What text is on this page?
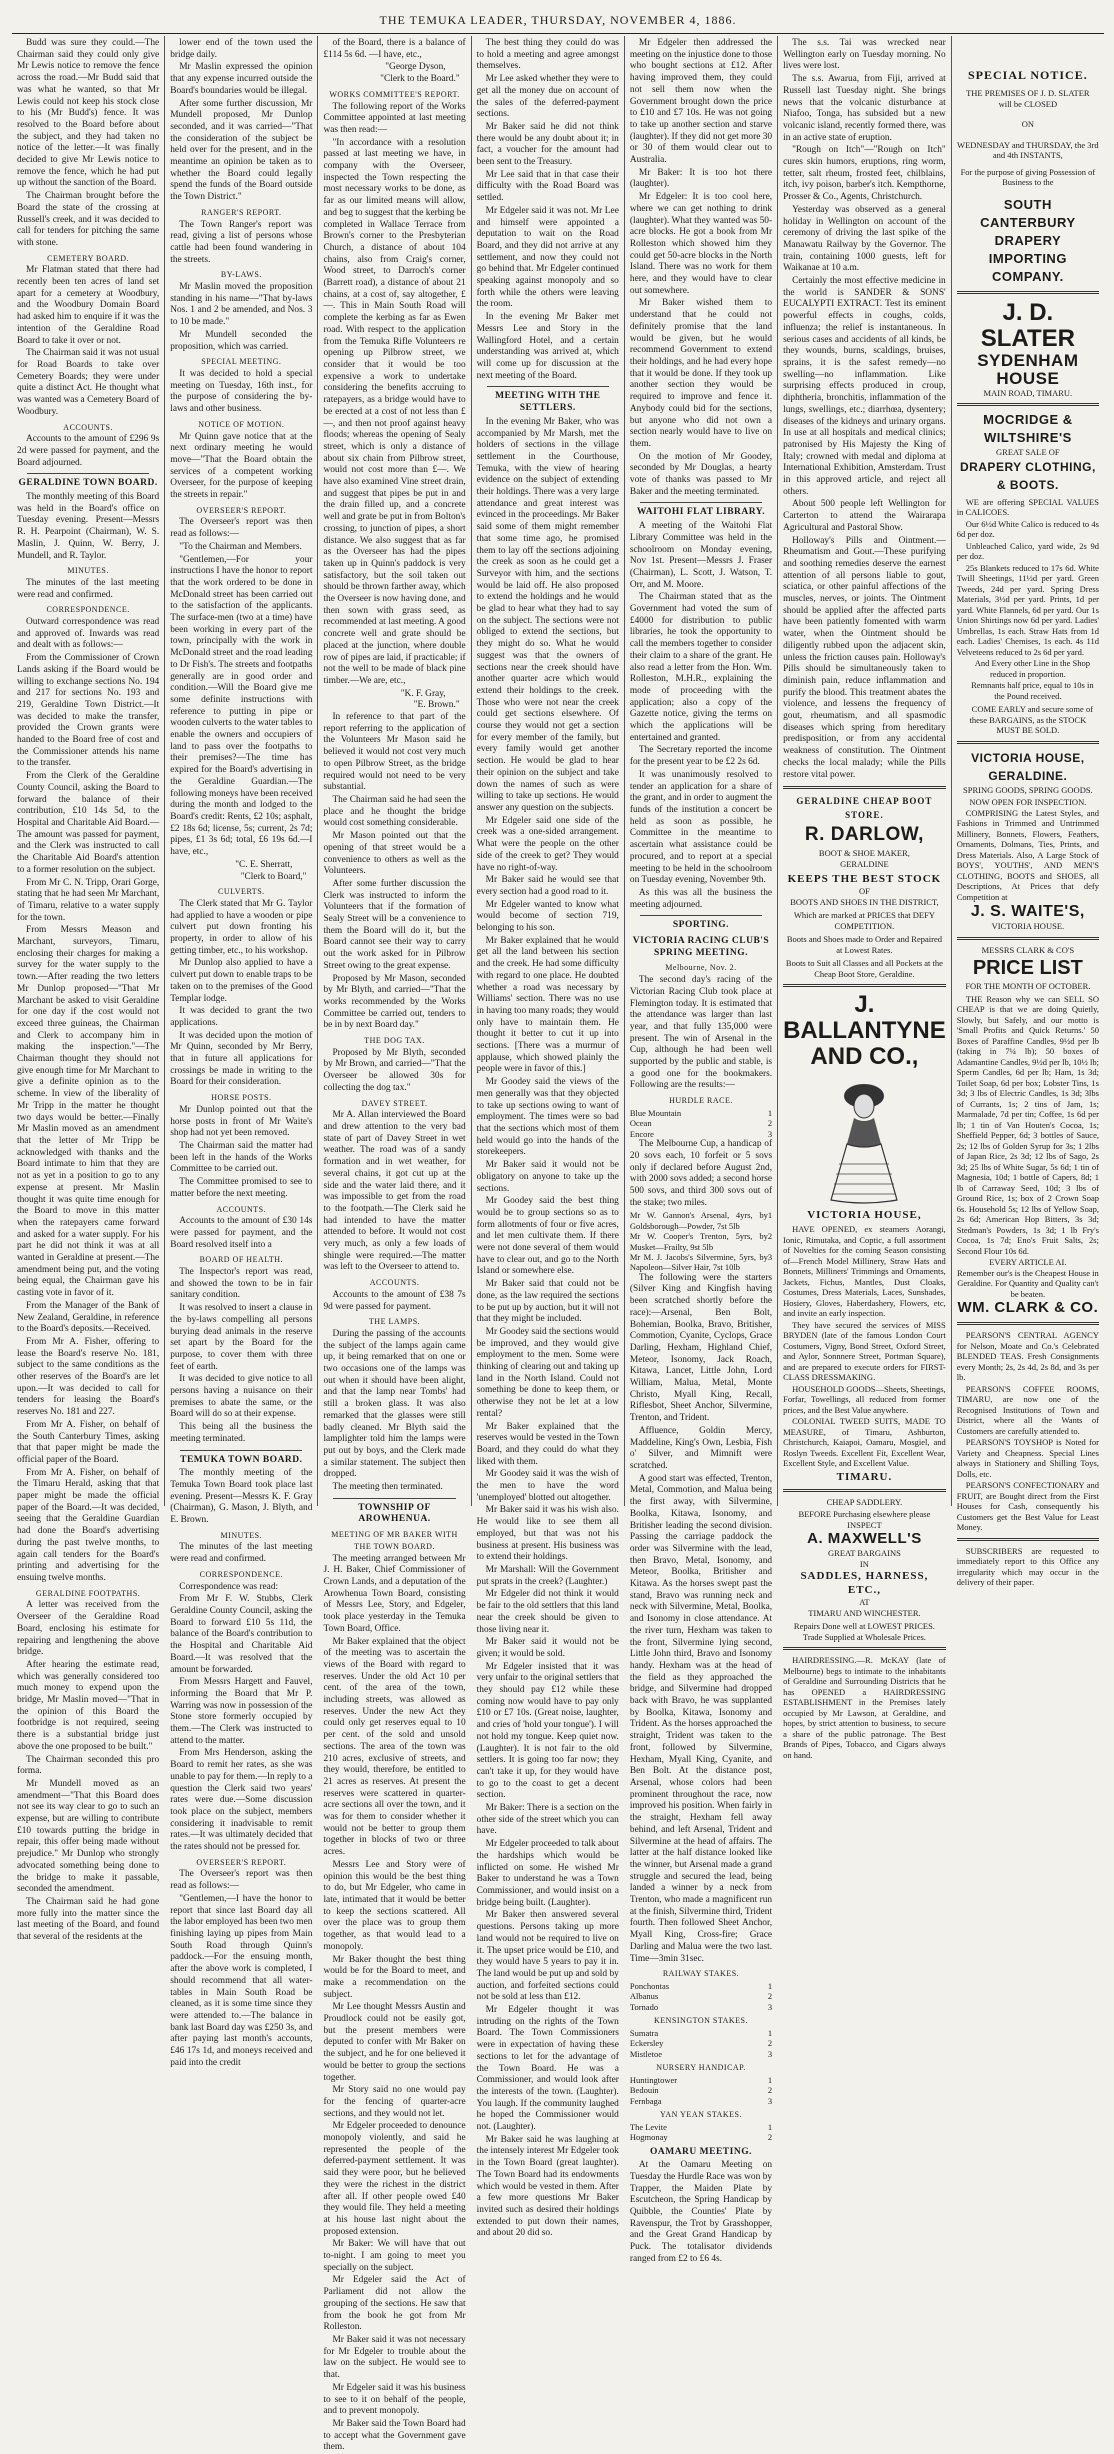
THE TEMUKA LEADER, THURSDAY, NOVEMBER 4, 1886.

Budd was sure they could.—The Chairman said they could only give Mr Lewis notice to remove the fence across the road.—Mr Budd said that was what he wanted, so that Mr Lewis could not keep his stock close to his (Mr Budd's) fence. It was resolved to the Board before about the subject, and they had taken no notice of the letter.—It was finally decided to give Mr Lewis notice to remove the fence, which he had put up without the sanction of the Board.

The Chairman brought before the Board the state of the crossing at Russell's creek, and it was decided to call for tenders for pitching the same with stone.

CEMETERY BOARD.

Mr Flatman stated that there had recently been ten acres of land set apart for a cemetery at Woodbury, and the Woodbury Domain Board had asked him to enquire if it was the intention of the Geraldine Road Board to take it over or not.

The Chairman said it was not usual for Road Boards to take over Cemetery Boards; they were under quite a distinct Act. He thought what was wanted was a Cemetery Board of Woodbury.

ACCOUNTS.

Accounts to the amount of £296 9s 2d were passed for payment, and the Board adjourned.

GERALDINE TOWN BOARD.

The monthly meeting of this Board was held in the Board's office on Tuesday evening. Present—Messrs R. H. Pearpoint (Chairman), W. S. Maslin, J. Quinn, W. Berry, J. Mundell, and R. Taylor.

MINUTES.

The minutes of the last meeting were read and confirmed.

CORRESPONDENCE.

Outward correspondence was read and approved of. Inwards was read and dealt with as follows:—

From the Commissioner of Crown Lands asking if the Board would be willing to exchange sections No. 194 and 217 for sections No. 193 and 219, Geraldine Town District.—It was decided to make the transfer, provided the Crown grants were handed to the Board free of cost and the Commissioner attends his name to the transfer.

From the Clerk of the Geraldine County Council, asking the Board to forward the balance of their contribution, £10 14s 5d, to the Hospital and Charitable Aid Board.—The amount was passed for payment, and the Clerk was instructed to call the Charitable Aid Board's attention to a former resolution on the subject.

From Mr C. N. Tripp, Orari Gorge, stating that he had seen Mr Marchant, of Timaru, relative to a water supply for the town.

From Messrs Meason and Marchant, surveyors, Timaru, enclosing their charges for making a survey for the water supply to the town.—After reading the two letters Mr Dunlop proposed—"That Mr Marchant be asked to visit Geraldine for one day if the cost would not exceed three guineas, the Chairman and Clerk to accompany him in making the inspection."—The Chairman thought they should not give enough time for Mr Marchant to give a definite opinion as to the scheme. In view of the liberality of Mr Tripp in the matter he thought two days would be better.—Finally Mr Maslin moved as an amendment that the letter of Mr Tripp be acknowledged with thanks and the Board intimate to him that they are not as yet in a position to go to any expense at present. Mr Maslin thought it was quite time enough for the Board to move in this matter when the ratepayers came forward and asked for a water supply. For his part he did not think it was at all wanted in Geraldine at present.—The amendment being put, and the voting being equal, the Chairman gave his casting vote in favor of it.

From the Manager of the Bank of New Zealand, Geraldine, in reference to the Board's deposits.—Received.

From Mr A. Fisher, offering to lease the Board's reserve No. 181, subject to the same conditions as the other reserves of the Board's are let upon.—It was decided to call for tenders for leasing the Board's reserves No. 181 and 227.

From Mr A. Fisher, on behalf of the South Canterbury Times, asking that that paper might be made the official paper of the Board.

From Mr A. Fisher, on behalf of the Timaru Herald, asking that that paper might be made the official paper of the Board.—It was decided, seeing that the Geraldine Guardian had done the Board's advertising during the past twelve months, to again call tenders for the Board's printing and advertising for the ensuing twelve months.

GERALDINE FOOTPATHS.

A letter was received from the Overseer of the Geraldine Road Board, enclosing his estimate for repairing and lengthening the above bridge.

After hearing the estimate read, which was generally considered too much money to expend upon the bridge, Mr Maslin moved—"That in the opinion of this Board the footbridge is not required, seeing there is a substantial bridge just above the one proposed to be built."

The Chairman seconded this pro forma.

Mr Mundell moved as an amendment—"That this Board does not see its way clear to go to such an expense, but are willing to contribute £10 towards putting the bridge in repair, this offer being made without prejudice." Mr Dunlop who strongly advocated something being done to the bridge to make it passable, seconded the amendment.

The Chairman said he had gone more fully into the matter since the last meeting of the Board, and found that several of the residents at the

lower end of the town used the bridge daily.

Mr Maslin expressed the opinion that any expense incurred outside the Board's boundaries would be illegal.

After some further discussion, Mr Mundell proposed, Mr Dunlop seconded, and it was carried—"That the consideration of the subject be held over for the present, and in the meantime an opinion be taken as to whether the Board could legally spend the funds of the Board outside the Town District."

RANGER'S REPORT.

The Town Ranger's report was read, giving a list of persons whose cattle had been found wandering in the streets.

BY-LAWS.

Mr Maslin moved the proposition standing in his name—"That by-laws Nos. 1 and 2 be amended, and Nos. 3 to 10 be made."

Mr Mundell seconded the proposition, which was carried.

SPECIAL MEETING.

It was decided to hold a special meeting on Tuesday, 16th inst., for the purpose of considering the by-laws and other business.

NOTICE OF MOTION.

Mr Quinn gave notice that at the next ordinary meeting he would move—"That the Board obtain the services of a competent working Overseer, for the purpose of keeping the streets in repair."

OVERSEER'S REPORT.

The Overseer's report was then read as follows:—

"To the Chairman and Members.

"Gentlemen,—For your instructions I have the honor to report that the work ordered to be done in McDonald street has been carried out to the satisfaction of the applicants. The surface-men (two at a time) have been working in every part of the town, principally with the work in McDonald street and the road leading to Dr Fish's. The streets and footpaths generally are in good order and condition.—Will the Board give me some definite instructions with reference to putting in pipe or wooden culverts to the water tables to enable the owners and occupiers of land to pass over the footpaths to their premises?—The time has expired for the Board's advertising in the Geraldine Guardian.—The following moneys have been received during the month and lodged to the Board's credit: Rents, £2 10s; asphalt, £2 18s 6d; license, 5s; current, 2s 7d; pipes, £1 3s 6d; total, £6 19s 6d.—I have, etc.,

"C. E. Sherratt,
"Clerk to Board,"
CULVERTS.

The Clerk stated that Mr G. Taylor had applied to have a wooden or pipe culvert put down fronting his property, in order to allow of his getting timber, etc., to his workshop.

Mr Dunlop also applied to have a culvert put down to enable traps to be taken on to the premises of the Good Templar lodge.

It was decided to grant the two applications.

It was decided upon the motion of Mr Quinn, seconded by Mr Berry, that in future all applications for crossings be made in writing to the Board for their consideration.

HORSE POSTS.

Mr Dunlop pointed out that the horse posts in front of Mr Waite's shop had not yet been removed.

The Chairman said the matter had been left in the hands of the Works Committee to be carried out.

The Committee promised to see to matter before the next meeting.

ACCOUNTS.

Accounts to the amount of £30 14s were passed for payment, and the Board resolved itself into a

BOARD OF HEALTH.

The Inspector's report was read, and showed the town to be in fair sanitary condition.

It was resolved to insert a clause in the by-laws compelling all persons burying dead animals in the reserve set apart by the Board for the purpose, to cover them with three feet of earth.

It was decided to give notice to all persons having a nuisance on their premises to abate the same, or the Board will do so at their expense.

This being all the business the meeting terminated.

TEMUKA TOWN BOARD.

The monthly meeting of the Temuka Town Board took place last evening. Present—Messrs K. F. Gray (Chairman), G. Mason, J. Blyth, and E. Brown.

MINUTES.

The minutes of the last meeting were read and confirmed.

CORRESPONDENCE.

Correspondence was read:

From Mr F. W. Stubbs, Clerk Geraldine County Council, asking the Board to forward £10 5s 11d, the balance of the Board's contribution to the Hospital and Charitable Aid Board.—It was resolved that the amount be forwarded.

From Messrs Hargett and Fauvel, informing the Board that Mr P. Warring was now in possession of the Stone store formerly occupied by them.—The Clerk was instructed to attend to the matter.

From Mrs Henderson, asking the Board to remit her rates, as she was unable to pay for them.—In reply to a question the Clerk said two years' rates were due.—Some discussion took place on the subject, members considering it inadvisable to remit rates.—It was ultimately decided that the rates should not be pressed for.

OVERSEER'S REPORT.

The Overseer's report was then read as follows:—

"Gentlemen,—I have the honor to report that since last Board day all the labor employed has been two men finishing laying up pipes from Main South Road through Quinn's paddock.—For the ensuing month, after the above work is completed, I should recommend that all water-tables in Main South Road be cleaned, as it is some time since they were attended to.—The balance in bank last Board day was £250 3s, and after paying last month's accounts, £46 17s 1d, and moneys received and paid into the credit

of the Board, there is a balance of £114 5s 6d. —I have, etc.,

"George Dyson,
"Clerk to the Board."
WORKS COMMITTEE'S REPORT.

The following report of the Works Committee appointed at last meeting was then read:—

"In accordance with a resolution passed at last meeting we have, in company with the Overseer, inspected the Town respecting the most necessary works to be done, as far as our limited means will allow, and beg to suggest that the kerbing be completed in Wallace Terrace from Brown's corner to the Presbyterian Church, a distance of about 104 chains, also from Craig's corner, Wood street, to Darroch's corner (Barrett road), a distance of about 21 chains, at a cost of, say altogether, £—. This in Main South Road will complete the kerbing as far as Ewen road. With respect to the application from the Temuka Rifle Volunteers re opening up Pilbrow street, we consider that it would be too expensive a work to undertake considering the benefits accruing to ratepayers, as a bridge would have to be erected at a cost of not less than £—, and then not proof against heavy floods; whereas the opening of Sealy street, which is only a distance of about six chain from Pilbrow street, would not cost more than £—. We have also examined Vine street drain, and suggest that pipes be put in and the drain filled up, and a concrete well and grate be put in from Bolton's crossing, to junction of pipes, a short distance. We also suggest that as far as the Overseer has had the pipes taken up in Quinn's paddock is very satisfactory, but the soil taken out should be thrown farther away, which the Overseer is now having done, and then sown with grass seed, as recommended at last meeting. A good concrete well and grate should be placed at the junction, where double row of pipes are laid, if practicable; if not the well to be made of black pine timber.—We are, etc.,

"K. F. Gray,
"E. Brown."

In reference to that part of the report referring to the application of the Volunteers Mr Mason said he believed it would not cost very much to open Pilbrow Street, as the bridge required would not need to be very substantial.

The Chairman said he had seen the place and he thought the bridge would cost something considerable.

Mr Mason pointed out that the opening of that street would be a convenience to others as well as the Volunteers.

After some further discussion the Clerk was instructed to inform the Volunteers that if the formation of Sealy Street will be a convenience to them the Board will do it, but the Board cannot see their way to carry out the work asked for in Pilbrow Street owing to the great expense.

Proposed by Mr Mason, seconded by Mr Blyth, and carried—"That the works recommended by the Works Committee be carried out, tenders to be in by next Board day."

THE DOG TAX.

Proposed by Mr Blyth, seconded by Mr Brown, and carried—"That the Overseer be allowed 30s for collecting the dog tax."

DAVEY STREET.

Mr A. Allan interviewed the Board and drew attention to the very bad state of part of Davey Street in wet weather. The road was of a sandy formation and in wet weather, for several chains, it got cut up at the side and the water laid there, and it was impossible to get from the road to the footpath.—The Clerk said he had intended to have the matter attended to before. It would not cost very much, as only a few loads of shingle were required.—The matter was left to the Overseer to attend to.

ACCOUNTS.

Accounts to the amount of £38 7s 9d were passed for payment.

THE LAMPS.

During the passing of the accounts the subject of the lamps again came up, it being remarked that on one or two occasions one of the lamps was out when it should have been alight, and that the lamp near Tombs' had still a broken glass. It was also remarked that the glasses were still badly cleaned. Mr Blyth said the lamplighter told him the lamps were put out by boys, and the Clerk made a similar statement. The subject then dropped.

The meeting then terminated.

TOWNSHIP OF AROWHENUA.
MEETING OF MR BAKER WITH THE TOWN BOARD.

The meeting arranged between Mr J. H. Baker, Chief Commissioner of Crown Lands, and a deputation of the Arowhenua Town Board, consisting of Messrs Lee, Story, and Edgeler, took place yesterday in the Temuka Town Board, Office.

Mr Baker explained that the object of the meeting was to ascertain the views of the Board with regard to reserves. Under the old Act 10 per cent. of the area of the town, including streets, was allowed as reserves. Under the new Act they could only get reserves equal to 10 per cent. of the sold and unsold sections. The area of the town was 210 acres, exclusive of streets, and they would, therefore, be entitled to 21 acres as reserves. At present the reserves were scattered in quarter-acre sections all over the town, and it was for them to consider whether it would not be better to group them together in blocks of two or three acres.

Messrs Lee and Story were of opinion this would be the best thing to do, but Mr Edgeler, who came in late, intimated that it would be better to keep the sections scattered. All over the place was to group them together, as that would lead to a monopoly.

Mr Baker thought the best thing would be for the Board to meet, and make a recommendation on the subject.

Mr Lee thought Messrs Austin and Proudlock could not be easily got, but the present members were deputed to confer with Mr Baker on the subject, and he for one believed it would be better to group the sections together.

Mr Story said no one would pay for the fencing of quarter-acre sections, and they would not let.

Mr Edgeler proceeded to denounce monopoly violently, and said he represented the people of the deferred-payment settlement. It was said they were poor, but he believed they were the richest in the district after all. If other people owed £40 they would file. They held a meeting at his house last night about the proposed extension.

Mr Baker: We will have that out to-night. I am going to meet you specially on the subject.

Mr Edgeler said the Act of Parliament did not allow the grouping of the sections. He saw that from the book he got from Mr Rolleston.

Mr Baker said it was not necessary for Mr Edgeler to trouble about the law on the subject. He would see to that.

Mr Edgeler said it was his business to see to it on behalf of the people, and to prevent monopoly.

Mr Baker said the Town Board had to accept what the Government gave them.

The best thing they could do was to hold a meeting and agree amongst themselves.

Mr Lee asked whether they were to get all the money due on account of the sales of the deferred-payment sections.

Mr Baker said he did not think there would be any doubt about it; in fact, a voucher for the amount had been sent to the Treasury.

Mr Lee said that in that case their difficulty with the Road Board was settled.

Mr Edgeler said it was not. Mr Lee and himself were appointed a deputation to wait on the Road Board, and they did not arrive at any settlement, and now they could not go behind that. Mr Edgeler continued speaking against monopoly and so forth while the others were leaving the room.

In the evening Mr Baker met Messrs Lee and Story in the Wallingford Hotel, and a certain understanding was arrived at, which will come up for discussion at the next meeting of the Board.

MEETING WITH THE SETTLERS.

In the evening Mr Baker, who was accompanied by Mr Marsh, met the holders of sections in the village settlement in the Courthouse, Temuka, with the view of hearing evidence on the subject of extending their holdings. There was a very large attendance and great interest was evinced in the proceedings. Mr Baker said some of them might remember that some time ago, he promised them to lay off the sections adjoining the creek as soon as he could get a Surveyor with him, and the sections would be laid off. He also proposed to extend the holdings and he would be glad to hear what they had to say on the subject. The sections were not obliged to extend the sections, but they might do so. What he would suggest was that the owners of sections near the creek should have another quarter acre which would extend their holdings to the creek. Those who were not near the creek could get sections elsewhere. Of course they would not get a section for every member of the family, but every family would get another section. He would be glad to hear their opinion on the subject and take down the names of such as were willing to take up sections. He would answer any question on the subjects.

Mr Edgeler said one side of the creek was a one-sided arrangement. What were the people on the other side of the creek to get? They would have no right-of-way.

Mr Baker said he would see that every section had a good road to it.

Mr Edgeler wanted to know what would become of section 719, belonging to his son.

Mr Baker explained that he would get all the land between his section and the creek. He had some difficulty with regard to one place. He doubted whether a road was necessary by Williams' section. There was no use in having too many roads; they would only have to maintain them. He thought it better to cut it up into sections. [There was a murmur of applause, which showed plainly the people were in favor of this.]

Mr Goodey said the views of the men generally was that they objected to take up sections owing to want of employment. The times were so bad that the sections which most of them held would go into the hands of the storekeepers.

Mr Baker said it would not be obligatory on anyone to take up the sections.

Mr Goodey said the best thing would be to group sections so as to form allotments of four or five acres, and let men cultivate them. If there were not done several of them would have to clear out, and go to the North Island or somewhere else.

Mr Baker said that could not be done, as the law required the sections to be put up by auction, but it will not that they might be included.

Mr Goodey said the sections would be improved, and they would give employment to the men. Some were thinking of clearing out and taking up land in the North Island. Could not something be done to keep them, or otherwise they not be let at a low rental?

Mr Baker explained that the reserves would be vested in the Town Board, and they could do what they liked with them.

Mr Goodey said it was the wish of the men to have the word 'unemployed' blotted out altogether.

Mr Baker said it was his wish also. He would like to see them all employed, but that was not his business at present. His business was to extend their holdings.

Mr Marshall: Will the Government put sprats in the creek? (Laughter.)

Mr Edgeler did not think it would be fair to the old settlers that this land near the creek should be given to those living near it.

Mr Baker said it would not be given; it would be sold.

Mr Edgeler insisted that it was very unfair to the original settlers that they should pay £12 while these coming now would have to pay only £10 or £7 10s. (Great noise, laughter, and cries of 'hold your tongue'). I will not hold my tongue. Keep quiet now. (Laughter). It is not fair to the old settlers. It is going too far now; they can't take it up, for they would have to go to the coast to get a decent section.

Mr Baker: There is a section on the other side of the street which you can have.

Mr Edgeler proceeded to talk about the hardships which would be inflicted on some. He wished Mr Baker to understand he was a Town Commissioner, and would insist on a bridge being built. (Laughter).

Mr Baker then answered several questions. Persons taking up more land would not be required to live on it. The upset price would be £10, and they would have 5 years to pay it in. The land would be put up and sold by auction, and forfeited sections could not be sold at less than £12.

Mr Edgeler thought it was intruding on the rights of the Town Board. The Town Commissioners were in expectation of having these sections to let for the advantage of the Town Board. He was a Commissioner, and would look after the interests of the town. (Laughter). You laugh. If the community laughed he hoped the Commissioner would not. (Laughter).

Mr Baker said he was laughing at the intensely interest Mr Edgeler took in the Town Board (great laughter). The Town Board had its endowments which would be vested in them. After a few more questions Mr Baker invited such as desired their holdings extended to put down their names, and about 20 did so.

Mr Edgeler then addressed the meeting on the injustice done to those who bought sections at £12. After having improved them, they could not sell them now when the Government brought down the price to £10 and £7 10s. He was not going to take up another section and starve (laughter). If they did not get more 30 or 30 of them would clear out to Australia.

Mr Baker: It is too hot there (laughter).

Mr Edgeler: It is too cool here, where we can get nothing to drink (laughter). What they wanted was 50-acre blocks. He got a book from Mr Rolleston which showed him they could get 50-acre blocks in the North Island. There was no work for them here, and they would have to clear out somewhere.

Mr Baker wished them to understand that he could not definitely promise that the land would be given, but he would recommend Government to extend their holdings, and he had every hope that it would be done. If they took up another section they would be required to improve and fence it. Anybody could bid for the sections, but anyone who did not own a section nearly would have to live on them.

On the motion of Mr Goodey, seconded by Mr Douglas, a hearty vote of thanks was passed to Mr Baker and the meeting terminated.

WAITOHI FLAT LIBRARY.

A meeting of the Waitohi Flat Library Committee was held in the schoolroom on Monday evening, Nov 1st. Present—Messrs J. Fraser (Chairman), L. Scott, J. Watson, T. Orr, and M. Moore.

The Chairman stated that as the Government had voted the sum of £4000 for distribution to public libraries, he took the opportunity to call the members together to consider their claim to a share of the grant. He also read a letter from the Hon. Wm. Rolleston, M.H.R., explaining the mode of proceeding with the application; also a copy of the Gazette notice, giving the terms on which the applications will be entertained and granted.

The Secretary reported the income for the present year to be £2 2s 6d.

It was unanimously resolved to tender an application for a share of the grant, and in order to augment the funds of the institution a concert be held as soon as possible, he Committee in the meantime to ascertain what assistance could be procured, and to report at a special meeting to be held in the schoolroom on Tuesday evening, November 9th.

As this was all the business the meeting adjourned.

SPORTING.
VICTORIA RACING CLUB'S SPRING MEETING.
Melbourne, Nov. 2.

The second day's racing of the Victorian Racing Club took place at Flemington today. It is estimated that the attendance was larger than last year, and that fully 135,000 were present. The win of Arsenal in the Cup, although he had been well supported by the public and stable, is a good one for the bookmakers. Following are the results:—

HURDLE RACE.
Blue Mountain	1
Ocean	2
Encore	3

The Melbourne Cup, a handicap of 20 sovs each, 10 forfeit or 5 sovs only if declared before August 2nd, with 2000 sovs added; a second horse 500 sovs, and third 300 sovs out of the stake; two miles.

Mr W. Gannon's Arsenal, 4yrs, by Goldsborough—Powder, 7st 5lb
1
Mr W. Cooper's Trenton, 5yrs, by Musket—Frailty, 9st 5lb
2
Mr M. J. Jacobs's Silvermine, 5yrs, by Napoleon—Silver Hair, 7st 10lb
3

The following were the starters (Silver King and Kingfish having been scratched shortly before the race):—Arsenal, Ben Bolt, Bohemian, Boolka, Bravo, Britisher, Commotion, Cyanite, Cyclops, Grace Darling, Hexham, Highland Chief, Meteor, Isonomy, Jack Roach, Kitawa, Lancet, Little John, Lord William, Malua, Metal, Monte Christo, Myall King, Recall, Riflesbot, Sheet Anchor, Silvermine, Trenton, and Trident.

Affluence, Goldin Mercy, Maddeline, King's Own, Lesbia, Fish o' Silver, and Mimnift were scratched.

A good start was effected, Trenton, Metal, Commotion, and Malua being the first away, with Silvermine, Boolka, Kitawa, Isonomy, and Britisher leading the second division. Passing the carriage paddock the order was Silvermine with the lead, then Bravo, Metal, Isonomy, and Meteor, Boolka, Britisher and Kitawa. As the horses swept past the stand, Bravo was running neck and neck with Silvermine, Metal, Boolka, and Isonomy in close attendance. At the river turn, Hexham was taken to the front, Silvermine lying second, Little John third, Bravo and Isonomy handy. Hexham was at the head of the field as they approached the bridge, and Silvermine had dropped back with Bravo, he was supplanted by Boolka, Kitawa, Isonomy and Trident. As the horses approached the straight, Trident was taken to the front, followed by Silvermine, Hexham, Myall King, Cyanite, and Ben Bolt. At the distance post, Arsenal, whose colors had been prominent throughout the race, now improved his position. When fairly in the straight, Hexham fell away behind, and left Arsenal, Trident and Silvermine at the head of affairs. The latter at the half distance looked like the winner, but Arsenal made a grand struggle and secured the lead, being landed a winner by a neck from Trenton, who made a magnificent run at the finish, Silvermine third, Trident fourth. Then followed Sheet Anchor, Myall King, Cross-fire; Grace Darling and Malua were the two last. Time—3min 31sec.

RAILWAY STAKES.
Ponchontas	1
Albanus	2
Tornado	3
KENSINGTON STAKES.
Sumatra	1
Eckersley	2
Mistletoe	3
NURSERY HANDICAP.
Huntingtower	1
Bedouin	2
Fernbaga	3
YAN YEAN STAKES.
The Levite	1
Hogmonay	2
OAMARU MEETING.

At the Oamaru Meeting on Tuesday the Hurdle Race was won by Trapper, the Maiden Plate by Escutcheon, the Spring Handicap by Quibble, the Counties' Plate by Ravenspur, the Trot by Grasshopper, and the Great Grand Handicap by Puck. The totalisator dividends ranged from £2 to £6 4s.

The s.s. Tai was wrecked near Wellington early on Tuesday morning. No lives were lost.

The s.s. Awarua, from Fiji, arrived at Russell last Tuesday night. She brings news that the volcanic disturbance at Niafoo, Tonga, has subsided but a new volcanic island, recently formed there, was in an active state of eruption.

"Rough on Itch"—"Rough on Itch" cures skin humors, eruptions, ring worm, tetter, salt rheum, frosted feet, chilblains, itch, ivy poison, barber's itch. Kempthorne, Prosser & Co., Agents, Christchurch.

Yesterday was observed as a general holiday in Wellington on account of the ceremony of driving the last spike of the Manawatu Railway by the Governor. The train, containing 1000 guests, left for Waikanae at 10 a.m.

Certainly the most effective medicine in the world is SANDER & SONS' EUCALYPTI EXTRACT. Test its eminent powerful effects in coughs, colds, influenza; the relief is instantaneous. In serious cases and accidents of all kinds, be they wounds, burns, scaldings, bruises, sprains, it is the safest remedy—no swelling—no inflammation. Like surprising effects produced in croup, diphtheria, bronchitis, inflammation of the lungs, swellings, etc.; diarrhœa, dysentery; diseases of the kidneys and urinary organs. In use at all hospitals and medical clinics; patronised by His Majesty the King of Italy; crowned with medal and diploma at International Exhibition, Amsterdam. Trust in this approved article, and reject all others.

About 500 people left Wellington for Carterton to attend the Wairarapa Agricultural and Pastoral Show.

Holloway's Pills and Ointment.—Rheumatism and Gout.—These purifying and soothing remedies deserve the earnest attention of all persons liable to gout, sciatica, or other painful affections of the muscles, nerves, or joints. The Ointment should be applied after the affected parts have been patiently fomented with warm water, when the Ointment should be diligently rubbed upon the adjacent skin, unless the friction causes pain. Holloway's Pills should be simultaneously taken to diminish pain, reduce inflammation and purify the blood. This treatment abates the violence, and lessens the frequency of gout, rheumatism, and all spasmodic diseases which spring from hereditary predisposition, or from any accidental weakness of constitution. The Ointment checks the local malady; while the Pills restore vital power.

GERALDINE CHEAP BOOT STORE.
R. DARLOW,
BOOT & SHOE MAKER,
GERALDINE
KEEPS THE BEST STOCK
OF
BOOTS AND SHOES IN THE DISTRICT,
Which are marked at PRICES that DEFY COMPETITION.
Boots and Shoes made to Order and Repaired at Lowest Rates.
Boots to Suit all Classes and all Pockets at the Cheap Boot Store, Geraldine.
J. BALLANTYNE AND CO.,
VICTORIA HOUSE,

HAVE OPENED, ex steamers Aorangi, Ionic, Rimutaka, and Coptic, a full assortment of Novelties for the coming Season consisting of—French Model Millinery, Straw Hats and Bonnets, Milliners' Trimmings and Ornaments, Jackets, Fichus, Mantles, Dust Cloaks, Costumes, Dress Materials, Laces, Sunshades, Hosiery, Gloves, Haberdashery, Flowers, etc, and invite an early inspection.

They have secured the services of MISS BRYDEN (late of the famous London Court Costumers, Vigny, Bond Street, Oxford Street, and Aylor, Sonnnere Street, Portman Square), and are prepared to execute orders for FIRST-CLASS DRESSMAKING.

HOUSEHOLD GOODS—Sheets, Sheetings, Forfar, Towellings, all reduced from former prices, and the Best Value anywhere.

COLONIAL TWEED SUITS, MADE TO MEASURE, of Timaru, Ashburton, Christchurch, Kaiapoi, Oamaru, Mosgiel, and Roslyn Tweeds. Excellent Fit, Excellent Wear, Excellent Style, and Excellent Value.

TIMARU.
CHEAP SADDLERY.
BEFORE Purchasing elsewhere please INSPECT
A. MAXWELL'S
GREAT BARGAINS
IN
SADDLES, HARNESS, ETC.,
AT
TIMARU AND WINCHESTER.
Repairs Done well at LOWEST PRICES.
Trade Supplied at Wholesale Prices.

HAIRDRESSING.—R. McKAY (late of Melbourne) begs to intimate to the inhabitants of Geraldine and Surrounding Districts that he has OPENED a HAIRDRESSING ESTABLISHMENT in the Premises lately occupied by Mr Lawson, at Geraldine, and hopes, by strict attention to business, to secure a share of the public patronage. The Best Brands of Pipes, Tobacco, and Cigars always on hand.

SPECIAL NOTICE.
THE PREMISES OF J. D. SLATER
will be CLOSED
ON
WEDNESDAY and THURSDAY, the 3rd and 4th INSTANTS,
For the purpose of giving Possession of Business to the
SOUTH CANTERBURY DRAPERY IMPORTING COMPANY.
J. D. SLATER
SYDENHAM HOUSE
MAIN ROAD, TIMARU.
MOCRIDGE & WILTSHIRE'S
GREAT SALE OF
DRAPERY CLOTHING, & BOOTS.

WE are offering SPECIAL VALUES in CALICOES.

Our 6½d White Calico is reduced to 4s 6d per doz.

Unbleached Calico, yard wide, 2s 9d per doz.

25s Blankets reduced to 17s 6d. White Twill Sheetings, 11½d per yard. Green Tweeds, 24d per yard. Spring Dress Materials, 3½d per yard. Prints, 1d per yard. White Flannels, 6d per yard. Our 1s Union Shirtings now 6d per yard. Ladies' Umbrellas, 1s each. Straw Hats from 1d each. Ladies' Chemises, 1s each. 4s 11d Velveteens reduced to 2s 6d per yard.

And Every other Line in the Shop reduced in proportion.

Remnants half price, equal to 10s in the Pound received.

COME EARLY and secure some of these BARGAINS, as the STOCK MUST BE SOLD.

VICTORIA HOUSE, GERALDINE.
SPRING GOODS, SPRING GOODS.
NOW OPEN FOR INSPECTION.

COMPRISING the Latest Styles, and Fashions in Trimmed and Untrimmed Millinery, Bonnets, Flowers, Feathers, Ornaments, Dolmans, Ties, Prints, and Dress Materials. Also, A Large Stock of BOYS', YOUTHS', AND MEN'S CLOTHING, BOOTS and SHOES, all Descriptions, At Prices that defy Competition at

J. S. WAITE'S,
VICTORIA HOUSE.
MESSRS CLARK & CO'S
PRICE LIST
FOR THE MONTH OF OCTOBER.

THE Reason why we can SELL SO CHEAP is that we are doing Quietly, Slowly, but Safely, and our motto is 'Small Profits and Quick Returns.' 50 Boxes of Paraffine Candles, 9½d per lb (taking in 7¼ lb); 50 boxes of Adamantine Candles, 9½d per lb, 10½ lb; Sperm Candles, 6d per lb; Ham, 1s 3d; Toilet Soap, 6d per box; Lobster Tins, 1s 3d; 3 lbs of Electric Candles, 1s 3d; 3lbs of Currants, 1s; 2 tins of Jam, 1s; Marmalade, 7d per tin; Coffee, 1s 6d per lb; 1 tin of Van Houten's Cocoa, 1s; Sheffield Pepper, 6d; 3 bottles of Sauce, 2s; 12 lbs of Golden Syrup for 3s; 1 2lbs of Japan Rice, 2s 3d; 12 lbs of Sago, 2s 3d; 25 lbs of White Sugar, 5s 6d; 1 tin of Magnesia, 10d; 1 bottle of Capers, 8d; 1 lb of Carraway Seed, 10d; 3 lbs of Ground Rice, 1s; box of 2 Crown Soap 6s. Household 5s; 12 lbs of Yellow Soap, 2s 6d; American Hop Bitters, 3s 3d; Stedman's Powders, 1s 3d; 1 lb Fry's Cocoa, 1s 7d; Eno's Fruit Salts, 2s; Second Flour 10s 6d.

EVERY ARTICLE AI.
Remember our's is the Cheapest House in Geraldine. For Quantity and Quality can't be beaten.
WM. CLARK & CO.

PEARSON'S CENTRAL AGENCY for Nelson, Moate and Co.'s Celebrated BLENDED TEAS. Fresh Consignments every Month; 2s, 2s 4d, 2s 8d, and 3s per lb.

PEARSON'S COFFEE ROOMS, TIMARU, are now one of the Recognised Institutions of Town and District, where all the Wants of Customers are carefully attended to.

PEARSON'S TOYSHOP is Noted for Variety and Cheapness. Special Lines always in Stationery and Shilling Toys, Dolls, etc.

PEARSON'S CONFECTIONARY and FRUIT, are Bought direct from the First Houses for Cash, consequently his Customers get the Best Value for Least Money.

SUBSCRIBERS are requested to immediately report to this Office any irregularity which may occur in the delivery of their paper.
